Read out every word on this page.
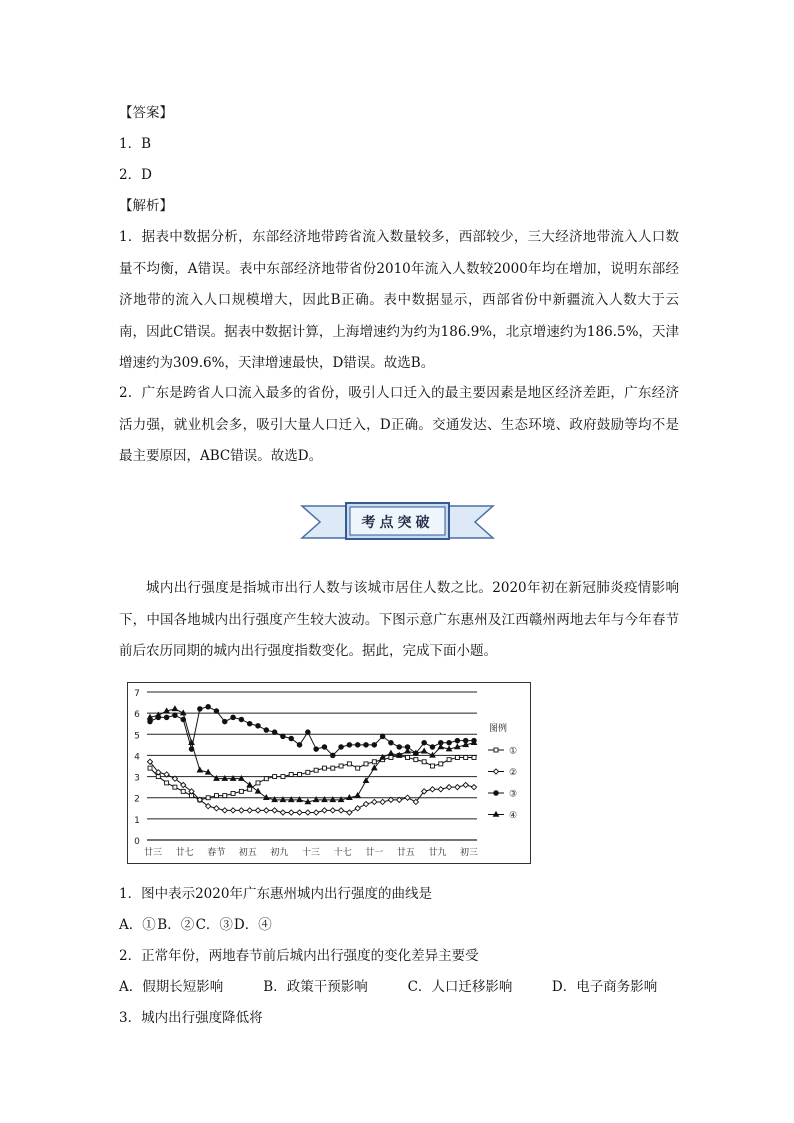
【答案】
1．B
2．D
【解析】
1．据表中数据分析，东部经济地带跨省流入数量较多，西部较少，三大经济地带流入人口数量不均衡，A错误。表中东部经济地带省份2010年流入人数较2000年均在增加，说明东部经济地带的流入人口规模增大，因此B正确。表中数据显示，西部省份中新疆流入人数大于云南，因此C错误。据表中数据计算，上海增速约为约为186.9%，北京增速约为186.5%，天津增速约为309.6%，天津增速最快，D错误。故选B。
2．广东是跨省人口流入最多的省份，吸引人口迁入的最主要因素是地区经济差距，广东经济活力强，就业机会多，吸引大量人口迁入，D正确。交通发达、生态环境、政府鼓励等均不是最主要原因，ABC错误。故选D。
考点突破
城内出行强度是指城市出行人数与该城市居住人数之比。2020年初在新冠肺炎疫情影响下，中国各地城内出行强度产生较大波动。下图示意广东惠州及江西赣州两地去年与今年春节前后农历同期的城内出行强度指数变化。据此，完成下面小题。
7
6
5
4
3
2
1
0
廿三 廿七 春节 初五 初九 十三 十七 廿一 廿五 廿九 初三
图例
①
②
③
④
1．图中表示2020年广东惠州城内出行强度的曲线是
A．① B．② C．③ D．④
2．正常年份，两地春节前后城内出行强度的变化差异主要受
A．假期长短影响	B．政策干预影响	C．人口迁移影响	D．电子商务影响
3．城内出行强度降低将
